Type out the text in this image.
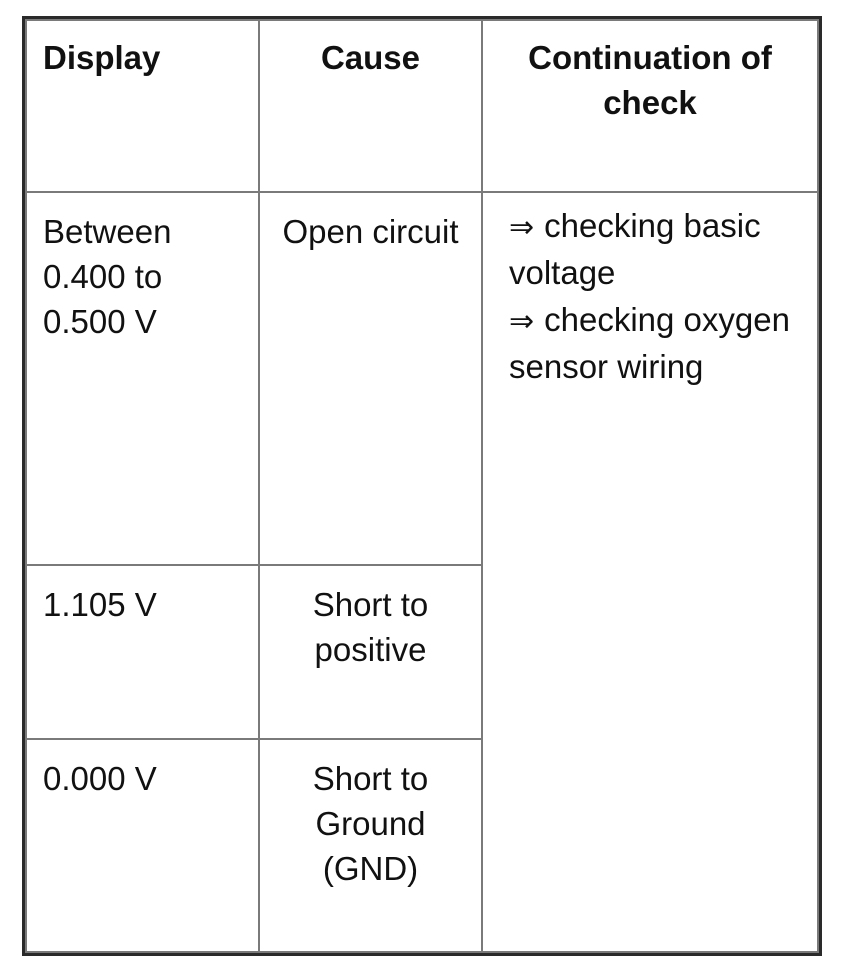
Display	Cause	Continuation of check

Between 0.400 to 0.500 V	Open circuit	⇒ checking basic voltage
⇒ checking oxygen sensor wiring

1.105 V	Short to positive	

0.000 V	Short to Ground (GND)	
